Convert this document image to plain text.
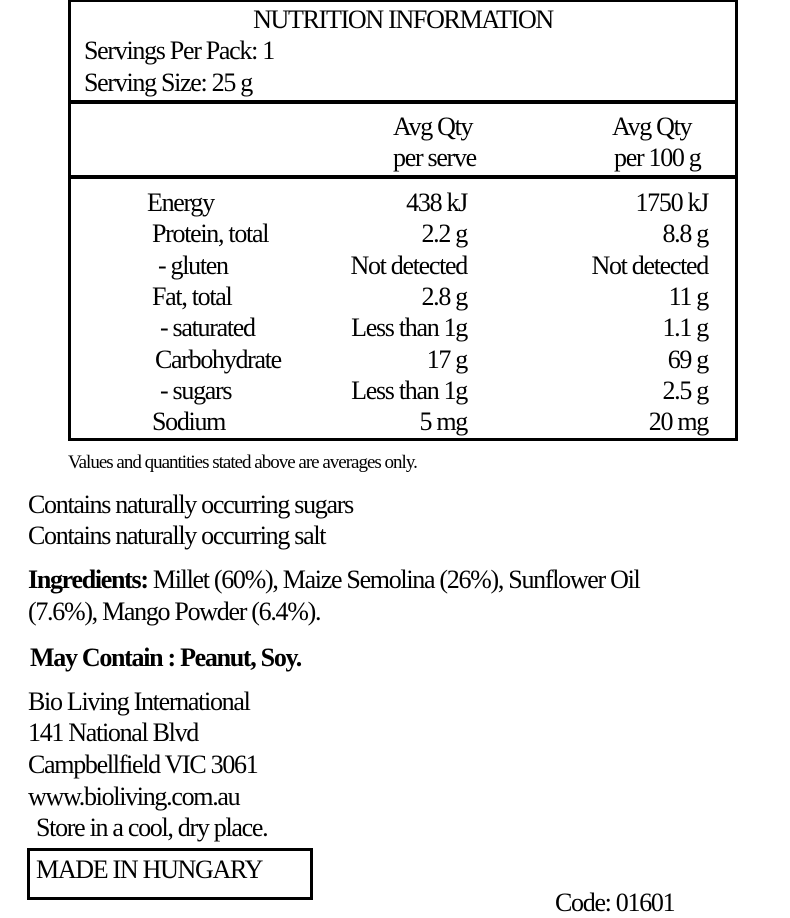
NUTRITION INFORMATION
Servings Per Pack: 1
Serving Size: 25 g
Avg Qty
per serve
Avg Qty
per 100 g
Energy	438 kJ	1750 kJ
Protein, total	2.2 g	8.8 g
- gluten	Not detected	Not detected
Fat, total	2.8 g	11 g
- saturated	Less than 1g	1.1 g
Carbohydrate	17 g	69 g
- sugars	Less than 1g	2.5 g
Sodium	5 mg	20 mg
Values and quantities stated above are averages only.
Contains naturally occurring sugars
Contains naturally occurring salt
Ingredients: Millet (60%), Maize Semolina (26%), Sunflower Oil
(7.6%), Mango Powder (6.4%).
May Contain : Peanut, Soy.
Bio Living International
141 National Blvd
Campbellfield VIC 3061
www.bioliving.com.au
Store in a cool, dry place.
MADE IN HUNGARY
Code: 01601
